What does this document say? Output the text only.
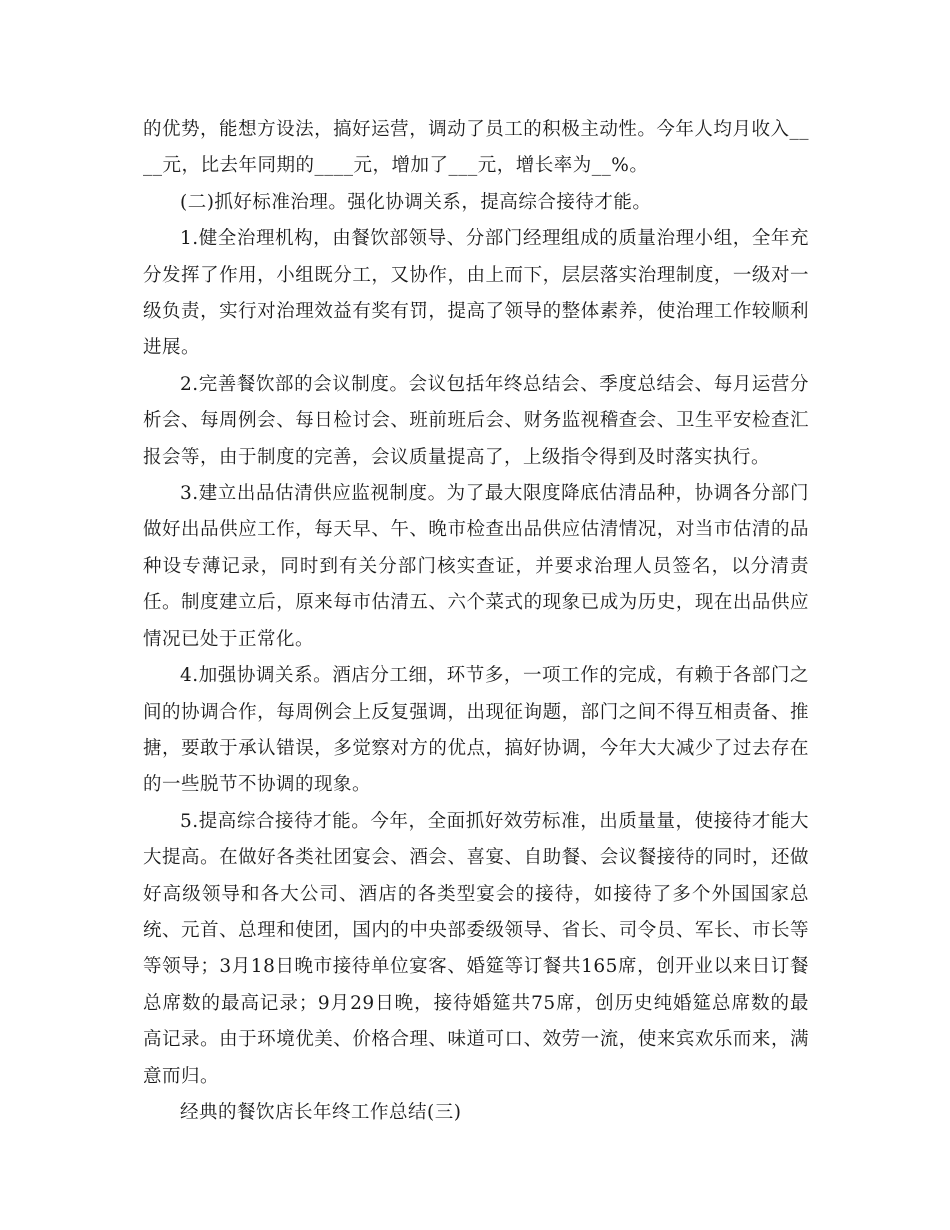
的优势，能想方设法，搞好运营，调动了员工的积极主动性。今年人均月收入____元，比去年同期的____元，增加了___元，增长率为__%。

(二)抓好标准治理。强化协调关系，提高综合接待才能。

1.健全治理机构，由餐饮部领导、分部门经理组成的质量治理小组，全年充分发挥了作用，小组既分工，又协作，由上而下，层层落实治理制度，一级对一级负责，实行对治理效益有奖有罚，提高了领导的整体素养，使治理工作较顺利进展。

2.完善餐饮部的会议制度。会议包括年终总结会、季度总结会、每月运营分析会、每周例会、每日检讨会、班前班后会、财务监视稽查会、卫生平安检查汇报会等，由于制度的完善，会议质量提高了，上级指令得到及时落实执行。

3.建立出品估清供应监视制度。为了最大限度降底估清品种，协调各分部门做好出品供应工作，每天早、午、晚市检查出品供应估清情况，对当市估清的品种设专薄记录，同时到有关分部门核实查证，并要求治理人员签名，以分清责任。制度建立后，原来每市估清五、六个菜式的现象已成为历史，现在出品供应情况已处于正常化。

4.加强协调关系。酒店分工细，环节多，一项工作的完成，有赖于各部门之间的协调合作，每周例会上反复强调，出现征询题，部门之间不得互相责备、推搪，要敢于承认错误，多觉察对方的优点，搞好协调，今年大大减少了过去存在的一些脱节不协调的现象。

5.提高综合接待才能。今年，全面抓好效劳标准，出质量量，使接待才能大大提高。在做好各类社团宴会、酒会、喜宴、自助餐、会议餐接待的同时，还做好高级领导和各大公司、酒店的各类型宴会的接待，如接待了多个外国国家总统、元首、总理和使团，国内的中央部委级领导、省长、司令员、军长、市长等等领导；3月18日晚市接待单位宴客、婚筵等订餐共165席，创开业以来日订餐总席数的最高记录；9月29日晚，接待婚筵共75席，创历史纯婚筵总席数的最高记录。由于环境优美、价格合理、味道可口、效劳一流，使来宾欢乐而来，满意而归。

经典的餐饮店长年终工作总结(三)
